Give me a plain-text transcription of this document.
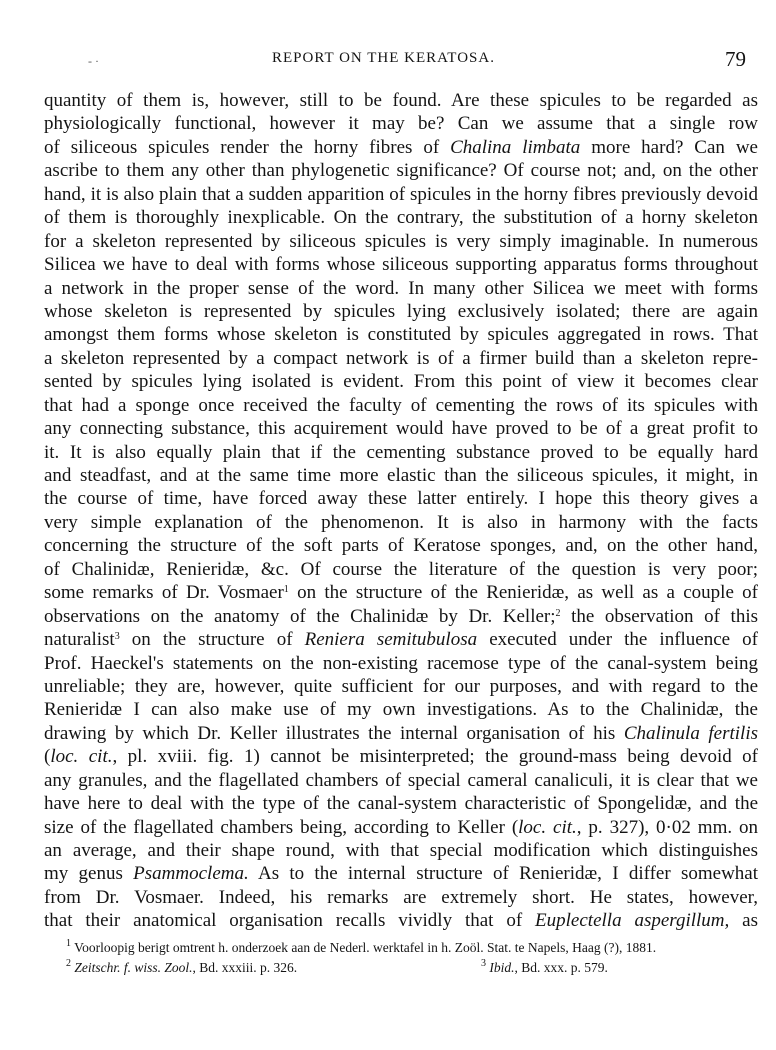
- ·	REPORT ON THE KERATOSA.	79
quantity of them is, however, still to be found. Are these spicules to be regarded as
physiologically functional, however it may be? Can we assume that a single row
of siliceous spicules render the horny fibres of Chalina limbata more hard? Can we
ascribe to them any other than phylogenetic significance? Of course not; and, on the other
hand, it is also plain that a sudden apparition of spicules in the horny fibres previously devoid
of them is thoroughly inexplicable. On the contrary, the substitution of a horny skeleton
for a skeleton represented by siliceous spicules is very simply imaginable. In numerous
Silicea we have to deal with forms whose siliceous supporting apparatus forms throughout
a network in the proper sense of the word. In many other Silicea we meet with forms
whose skeleton is represented by spicules lying exclusively isolated; there are again
amongst them forms whose skeleton is constituted by spicules aggregated in rows. That
a skeleton represented by a compact network is of a firmer build than a skeleton repre-
sented by spicules lying isolated is evident. From this point of view it becomes clear
that had a sponge once received the faculty of cementing the rows of its spicules with
any connecting substance, this acquirement would have proved to be of a great profit to
it. It is also equally plain that if the cementing substance proved to be equally hard
and steadfast, and at the same time more elastic than the siliceous spicules, it might, in
the course of time, have forced away these latter entirely. I hope this theory gives a
very simple explanation of the phenomenon. It is also in harmony with the facts
concerning the structure of the soft parts of Keratose sponges, and, on the other hand,
of Chalinidæ, Renieridæ, &c. Of course the literature of the question is very poor;
some remarks of Dr. Vosmaer$^1$ on the structure of the Renieridæ, as well as a couple of
observations on the anatomy of the Chalinidæ by Dr. Keller;$^2$ the observation of this
naturalist$^3$ on the structure of Reniera semitubulosa executed under the influence of
Prof. Haeckel's statements on the non-existing racemose type of the canal-system being
unreliable; they are, however, quite sufficient for our purposes, and with regard to the
Renieridæ I can also make use of my own investigations. As to the Chalinidæ, the
drawing by which Dr. Keller illustrates the internal organisation of his Chalinula fertilis
(loc. cit., pl. xviii. fig. 1) cannot be misinterpreted; the ground-mass being devoid of
any granules, and the flagellated chambers of special cameral canaliculi, it is clear that we
have here to deal with the type of the canal-system characteristic of Spongelidæ, and the
size of the flagellated chambers being, according to Keller (loc. cit., p. 327), 0·02 mm. on
an average, and their shape round, with that special modification which distinguishes
my genus Psammoclema. As to the internal structure of Renieridæ, I differ somewhat
from Dr. Vosmaer. Indeed, his remarks are extremely short. He states, however,
that their anatomical organisation recalls vividly that of Euplectella aspergillum, as
$^1$ Voorloopig berigt omtrent h. onderzoek aan de Nederl. werktafel in h. Zoöl. Stat. te Napels, Haag (?), 1881.
$^2$ Zeitschr. f. wiss. Zool., Bd. xxxiii. p. 326.	$^3$ Ibid., Bd. xxx. p. 579.
